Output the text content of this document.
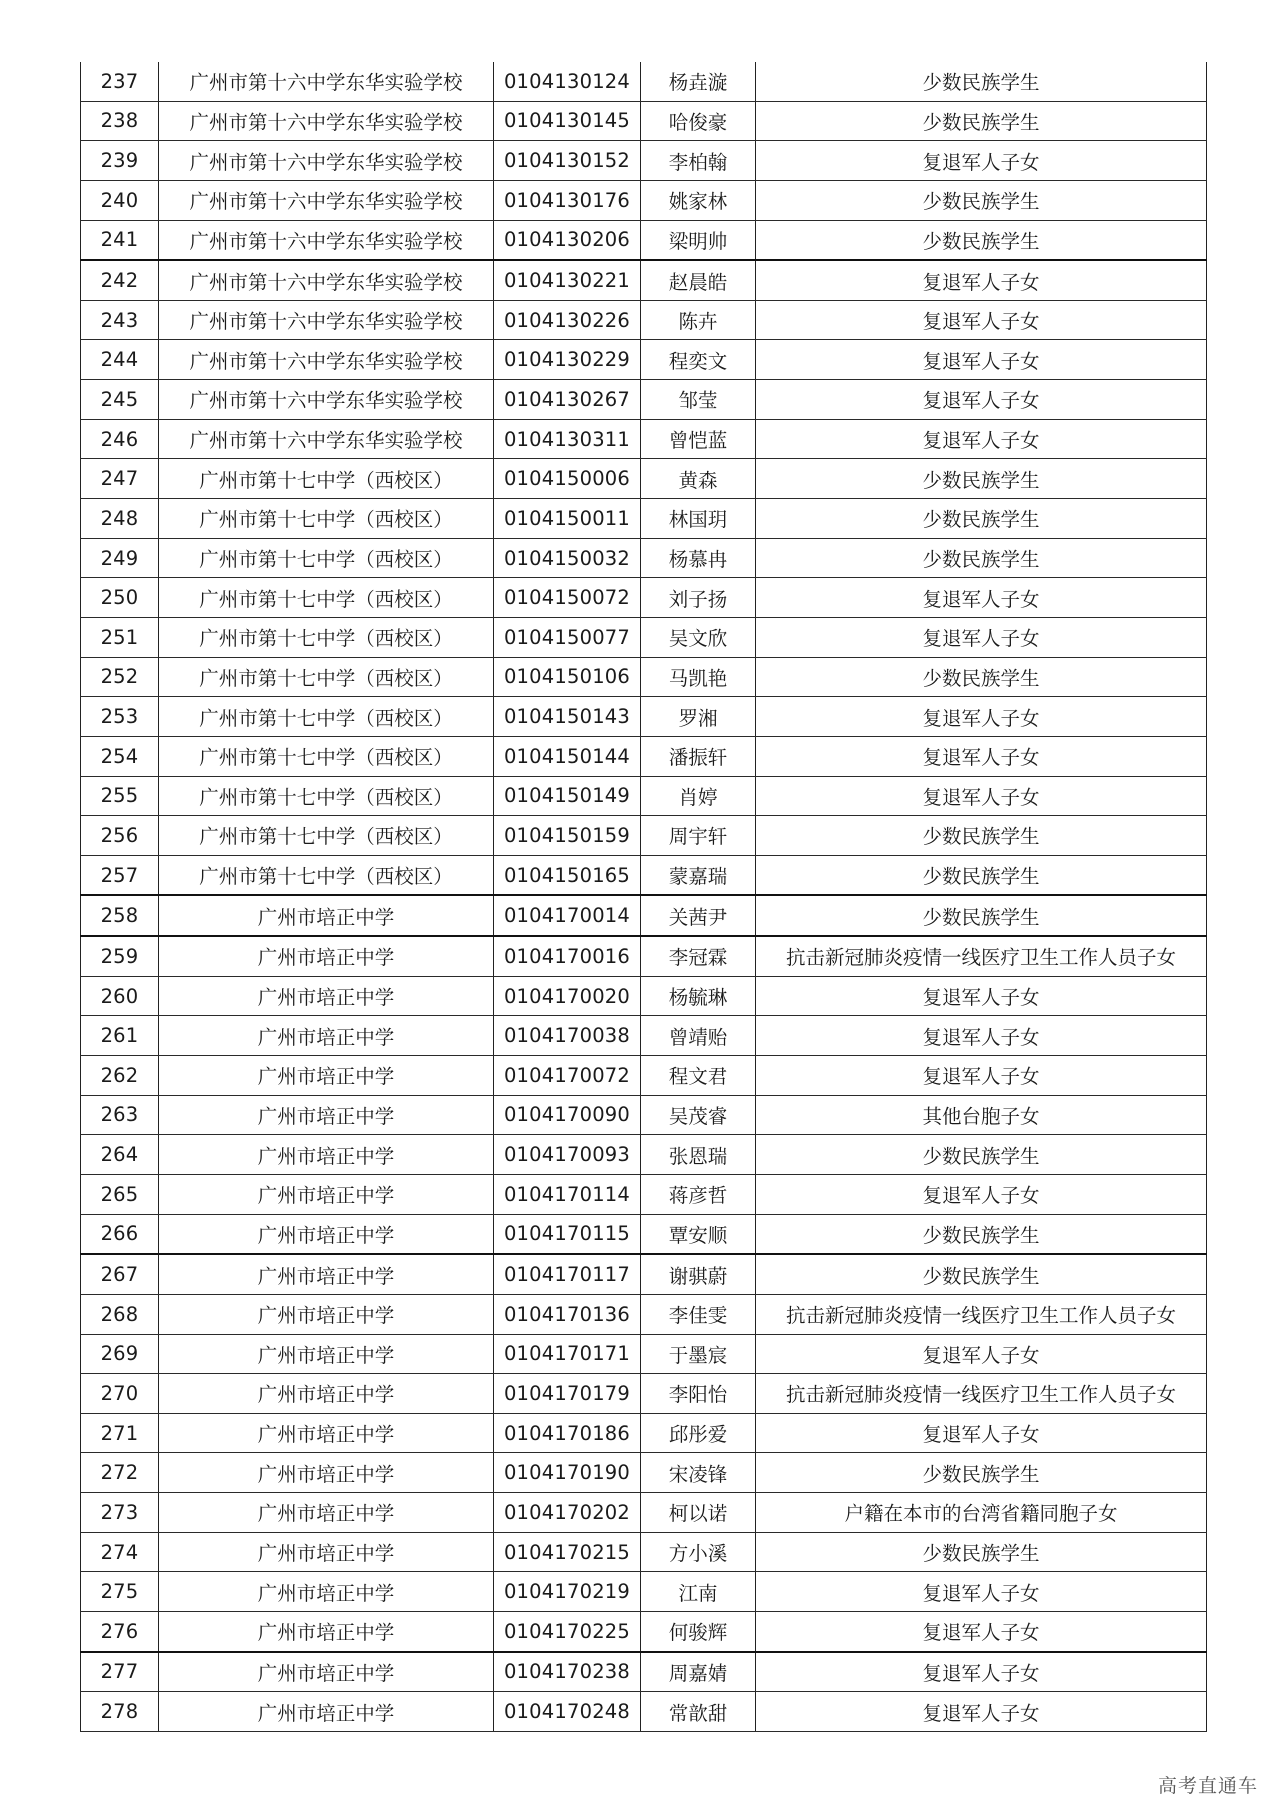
237	广州市第十六中学东华实验学校	0104130124	杨垚漩	少数民族学生
238	广州市第十六中学东华实验学校	0104130145	哈俊豪	少数民族学生
239	广州市第十六中学东华实验学校	0104130152	李柏翰	复退军人子女
240	广州市第十六中学东华实验学校	0104130176	姚家林	少数民族学生
241	广州市第十六中学东华实验学校	0104130206	梁明帅	少数民族学生
242	广州市第十六中学东华实验学校	0104130221	赵晨皓	复退军人子女
243	广州市第十六中学东华实验学校	0104130226	陈卉	复退军人子女
244	广州市第十六中学东华实验学校	0104130229	程奕文	复退军人子女
245	广州市第十六中学东华实验学校	0104130267	邹莹	复退军人子女
246	广州市第十六中学东华实验学校	0104130311	曾恺蓝	复退军人子女
247	广州市第十七中学（西校区）	0104150006	黄森	少数民族学生
248	广州市第十七中学（西校区）	0104150011	林国玥	少数民族学生
249	广州市第十七中学（西校区）	0104150032	杨慕冉	少数民族学生
250	广州市第十七中学（西校区）	0104150072	刘子扬	复退军人子女
251	广州市第十七中学（西校区）	0104150077	吴文欣	复退军人子女
252	广州市第十七中学（西校区）	0104150106	马凯艳	少数民族学生
253	广州市第十七中学（西校区）	0104150143	罗湘	复退军人子女
254	广州市第十七中学（西校区）	0104150144	潘振轩	复退军人子女
255	广州市第十七中学（西校区）	0104150149	肖婷	复退军人子女
256	广州市第十七中学（西校区）	0104150159	周宇轩	少数民族学生
257	广州市第十七中学（西校区）	0104150165	蒙嘉瑞	少数民族学生
258	广州市培正中学	0104170014	关茜尹	少数民族学生
259	广州市培正中学	0104170016	李冠霖	抗击新冠肺炎疫情一线医疗卫生工作人员子女
260	广州市培正中学	0104170020	杨毓琳	复退军人子女
261	广州市培正中学	0104170038	曾靖贻	复退军人子女
262	广州市培正中学	0104170072	程文君	复退军人子女
263	广州市培正中学	0104170090	吴茂睿	其他台胞子女
264	广州市培正中学	0104170093	张恩瑞	少数民族学生
265	广州市培正中学	0104170114	蒋彦哲	复退军人子女
266	广州市培正中学	0104170115	覃安顺	少数民族学生
267	广州市培正中学	0104170117	谢骐蔚	少数民族学生
268	广州市培正中学	0104170136	李佳雯	抗击新冠肺炎疫情一线医疗卫生工作人员子女
269	广州市培正中学	0104170171	于墨宸	复退军人子女
270	广州市培正中学	0104170179	李阳怡	抗击新冠肺炎疫情一线医疗卫生工作人员子女
271	广州市培正中学	0104170186	邱彤爱	复退军人子女
272	广州市培正中学	0104170190	宋凌锋	少数民族学生
273	广州市培正中学	0104170202	柯以诺	户籍在本市的台湾省籍同胞子女
274	广州市培正中学	0104170215	方小溪	少数民族学生
275	广州市培正中学	0104170219	江南	复退军人子女
276	广州市培正中学	0104170225	何骏辉	复退军人子女
277	广州市培正中学	0104170238	周嘉婧	复退军人子女
278	广州市培正中学	0104170248	常歆甜	复退军人子女
高考直通车
